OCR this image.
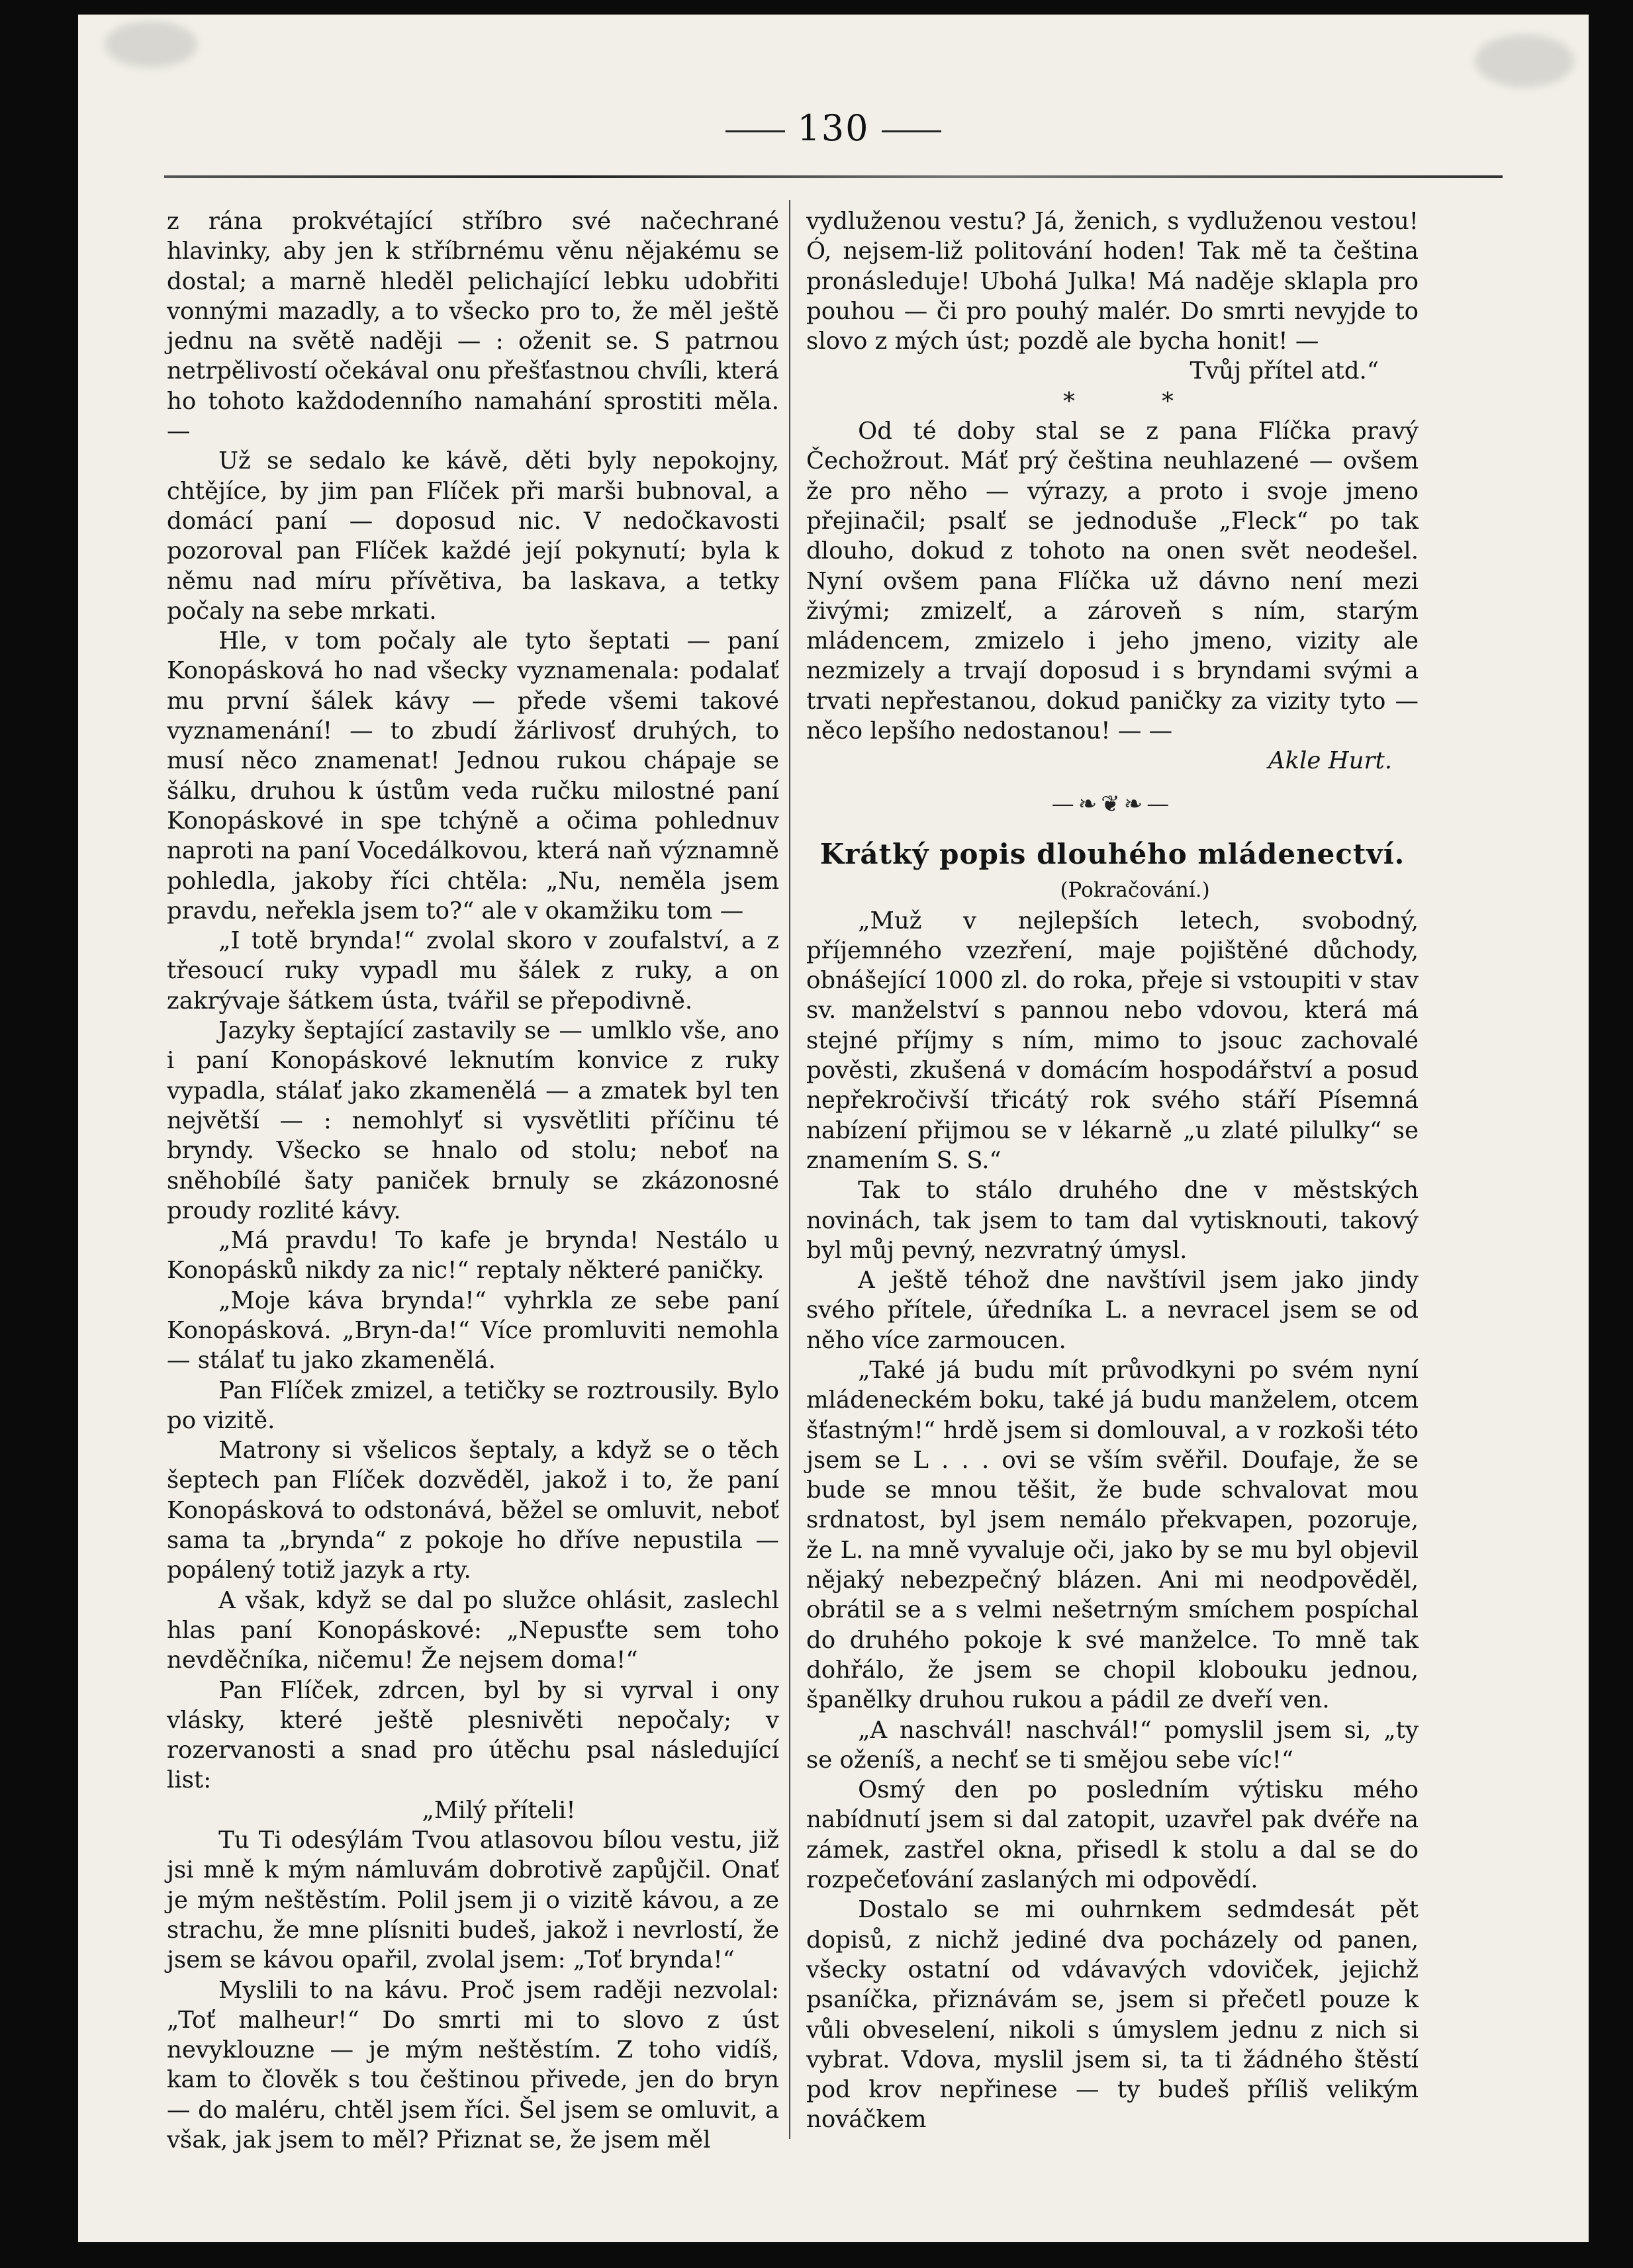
130

z rána prokvétající stříbro své načechrané hlavinky, aby jen k stříbrnému věnu nějakému se dostal; a marně hleděl pelichající lebku udobřiti vonnými mazadly, a to všecko pro to, že měl ještě jednu na světě naději — : oženit se. S patrnou netrpělivostí očekával onu přešťastnou chvíli, která ho tohoto každodenního namahání sprostiti měla. —

Už se sedalo ke kávě, děti byly nepokojny, chtějíce, by jim pan Flíček při marši bubnoval, a domácí paní — doposud nic. V nedočkavosti pozoroval pan Flíček každé její pokynutí; byla k němu nad míru přívětiva, ba laskava, a tetky počaly na sebe mrkati.

Hle, v tom počaly ale tyto šeptati — paní Konopásková ho nad všecky vyznamenala: podalať mu první šálek kávy — přede všemi takové vyznamenání! — to zbudí žárlivosť druhých, to musí něco znamenat! Jednou rukou chápaje se šálku, druhou k ústům veda ručku milostné paní Konopáskové in spe tchýně a očima pohlednuv naproti na paní Vocedálkovou, která naň významně pohledla, jakoby říci chtěla: „Nu, neměla jsem pravdu, neřekla jsem to?“ ale v okamžiku tom —

„I totě brynda!“ zvolal skoro v zoufalství, a z třesoucí ruky vypadl mu šálek z ruky, a on zakrývaje šátkem ústa, tvářil se přepodivně.

Jazyky šeptající zastavily se — umlklo vše, ano i paní Konopáskové leknutím konvice z ruky vypadla, stálať jako zkamenělá — a zmatek byl ten největší — : nemohlyť si vysvětliti příčinu té bryndy. Všecko se hnalo od stolu; neboť na sněhobílé šaty paniček brnuly se zkázonosné proudy rozlité kávy.

„Má pravdu! To kafe je brynda! Nestálo u Konopásků nikdy za nic!“ reptaly některé paničky.

„Moje káva brynda!“ vyhrkla ze sebe paní Konopásková. „Bryn-da!“ Více promluviti nemohla — stálať tu jako zkamenělá.

Pan Flíček zmizel, a tetičky se roztrousily. Bylo po vizitě.

Matrony si všelicos šeptaly, a když se o těch šeptech pan Flíček dozvěděl, jakož i to, že paní Konopásková to odstonává, běžel se omluvit, neboť sama ta „brynda“ z pokoje ho dříve nepustila — popálený totiž jazyk a rty.

A však, když se dal po služce ohlásit, zaslechl hlas paní Konopáskové: „Nepusťte sem toho nevděčníka, ničemu! Že nejsem doma!“

Pan Flíček, zdrcen, byl by si vyrval i ony vlásky, které ještě plesnivěti nepočaly; v rozervanosti a snad pro útěchu psal následující list:

„Milý příteli!

Tu Ti odesýlám Tvou atlasovou bílou vestu, již jsi mně k mým námluvám dobrotivě zapůjčil. Onať je mým neštěstím. Polil jsem ji o vizitě kávou, a ze strachu, že mne plísniti budeš, jakož i nevrlostí, že jsem se kávou opařil, zvolal jsem: „Toť brynda!“

Myslili to na kávu. Proč jsem raději nezvolal: „Toť malheur!“ Do smrti mi to slovo z úst nevyklouzne — je mým neštěstím. Z toho vidíš, kam to člověk s tou češtinou přivede, jen do bryn — do maléru, chtěl jsem říci. Šel jsem se omluvit, a však, jak jsem to měl? Přiznat se, že jsem měl

vydluženou vestu? Já, ženich, s vydluženou vestou! Ó, nejsem-liž politování hoden! Tak mě ta čeština pronásleduje! Ubohá Julka! Má naděje sklapla pro pouhou — či pro pouhý malér. Do smrti nevyjde to slovo z mých úst; pozdě ale bycha honit! —

Tvůj přítel atd.“

* *

Od té doby stal se z pana Flíčka pravý Čechožrout. Máť prý čeština neuhlazené — ovšem že pro něho — výrazy, a proto i svoje jmeno přejinačil; psalť se jednoduše „Fleck“ po tak dlouho, dokud z tohoto na onen svět neodešel. Nyní ovšem pana Flíčka už dávno není mezi živými; zmizelť, a zároveň s ním, starým mládencem, zmizelo i jeho jmeno, vizity ale nezmizely a trvají doposud i s bryndami svými a trvati nepřestanou, dokud paničky za vizity tyto — něco lepšího nedostanou! — —

Akle Hurt.

—❧❦❧—
Krátký popis dlouhého mládenectví.

(Pokračování.)

„Muž v nejlepších letech, svobodný, příjemného vzezření, maje pojištěné důchody, obnášející 1000 zl. do roka, přeje si vstoupiti v stav sv. manželství s pannou nebo vdovou, která má stejné příjmy s ním, mimo to jsouc zachovalé pověsti, zkušená v domácím hospodářství a posud nepřekročivší třicátý rok svého stáří Písemná nabízení přijmou se v lékarně „u zlaté pilulky“ se znamením S. S.“

Tak to stálo druhého dne v městských novinách, tak jsem to tam dal vytisknouti, takový byl můj pevný, nezvratný úmysl.

A ještě téhož dne navštívil jsem jako jindy svého přítele, úředníka L. a nevracel jsem se od něho více zarmoucen.

„Také já budu mít průvodkyni po svém nyní mládeneckém boku, také já budu manželem, otcem šťastným!“ hrdě jsem si domlouval, a v rozkoši této jsem se L . . . ovi se vším svěřil. Doufaje, že se bude se mnou těšit, že bude schvalovat mou srdnatost, byl jsem nemálo překvapen, pozoruje, že L. na mně vyvaluje oči, jako by se mu byl objevil nějaký nebezpečný blázen. Ani mi neodpověděl, obrátil se a s velmi nešetrným smíchem pospíchal do druhého pokoje k své manželce. To mně tak dohřálo, že jsem se chopil klobouku jednou, španělky druhou rukou a pádil ze dveří ven.

„A naschvál! naschvál!“ pomyslil jsem si, „ty se oženíš, a nechť se ti smějou sebe víc!“

Osmý den po posledním výtisku mého nabídnutí jsem si dal zatopit, uzavřel pak dvéře na zámek, zastřel okna, přisedl k stolu a dal se do rozpečeťování zaslaných mi odpovědí.

Dostalo se mi ouhrnkem sedmdesát pět dopisů, z nichž jediné dva pocházely od panen, všecky ostatní od vdávavých vdoviček, jejichž psaníčka, přiznávám se, jsem si přečetl pouze k vůli obveselení, nikoli s úmyslem jednu z nich si vybrat. Vdova, myslil jsem si, ta ti žádného štěstí pod krov nepřinese — ty budeš příliš velikým nováčkem
